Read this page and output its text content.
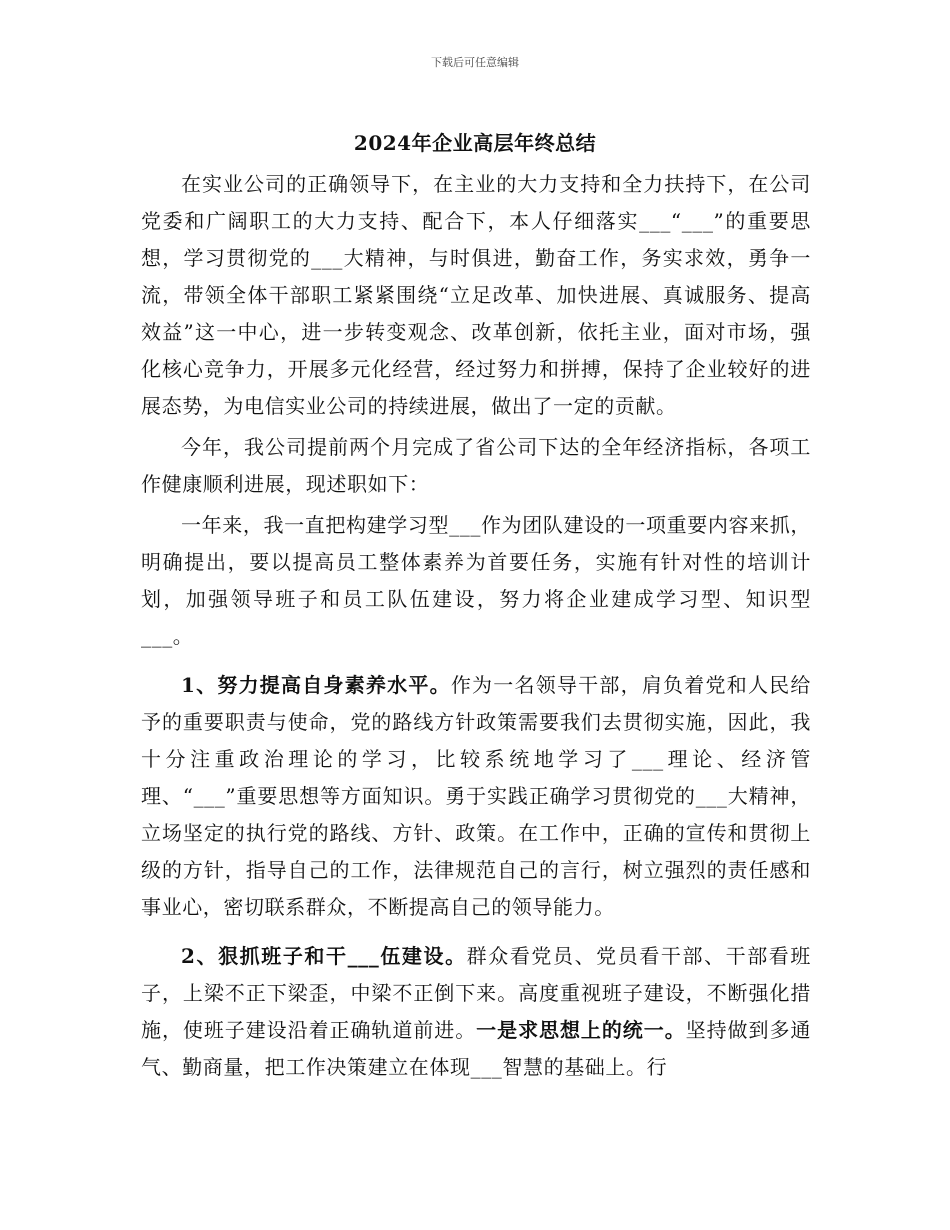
下载后可任意编辑
2024年企业高层年终总结

在实业公司的正确领导下，在主业的大力支持和全力扶持下，在公司党委和广阔职工的大力支持、配合下，本人仔细落实___“___”的重要思想，学习贯彻党的___大精神，与时俱进，勤奋工作，务实求效，勇争一流，带领全体干部职工紧紧围绕“立足改革、加快进展、真诚服务、提高效益”这一中心，进一步转变观念、改革创新，依托主业，面对市场，强化核心竞争力，开展多元化经营，经过努力和拼搏，保持了企业较好的进展态势，为电信实业公司的持续进展，做出了一定的贡献。

今年，我公司提前两个月完成了省公司下达的全年经济指标，各项工作健康顺利进展，现述职如下：

一年来，我一直把构建学习型___作为团队建设的一项重要内容来抓，明确提出，要以提高员工整体素养为首要任务，实施有针对性的培训计划，加强领导班子和员工队伍建设，努力将企业建成学习型、知识型___。

1、努力提高自身素养水平。作为一名领导干部，肩负着党和人民给予的重要职责与使命，党的路线方针政策需要我们去贯彻实施，因此，我十分注重政治理论的学习，比较系统地学习了___理论、经济管理、“___”重要思想等方面知识。勇于实践正确学习贯彻党的___大精神，立场坚定的执行党的路线、方针、政策。在工作中，正确的宣传和贯彻上级的方针，指导自己的工作，法律规范自己的言行，树立强烈的责任感和事业心，密切联系群众，不断提高自己的领导能力。

2、狠抓班子和干___伍建设。群众看党员、党员看干部、干部看班子，上梁不正下梁歪，中梁不正倒下来。高度重视班子建设，不断强化措施，使班子建设沿着正确轨道前进。一是求思想上的统一。坚持做到多通气、勤商量，把工作决策建立在体现___智慧的基础上。行
